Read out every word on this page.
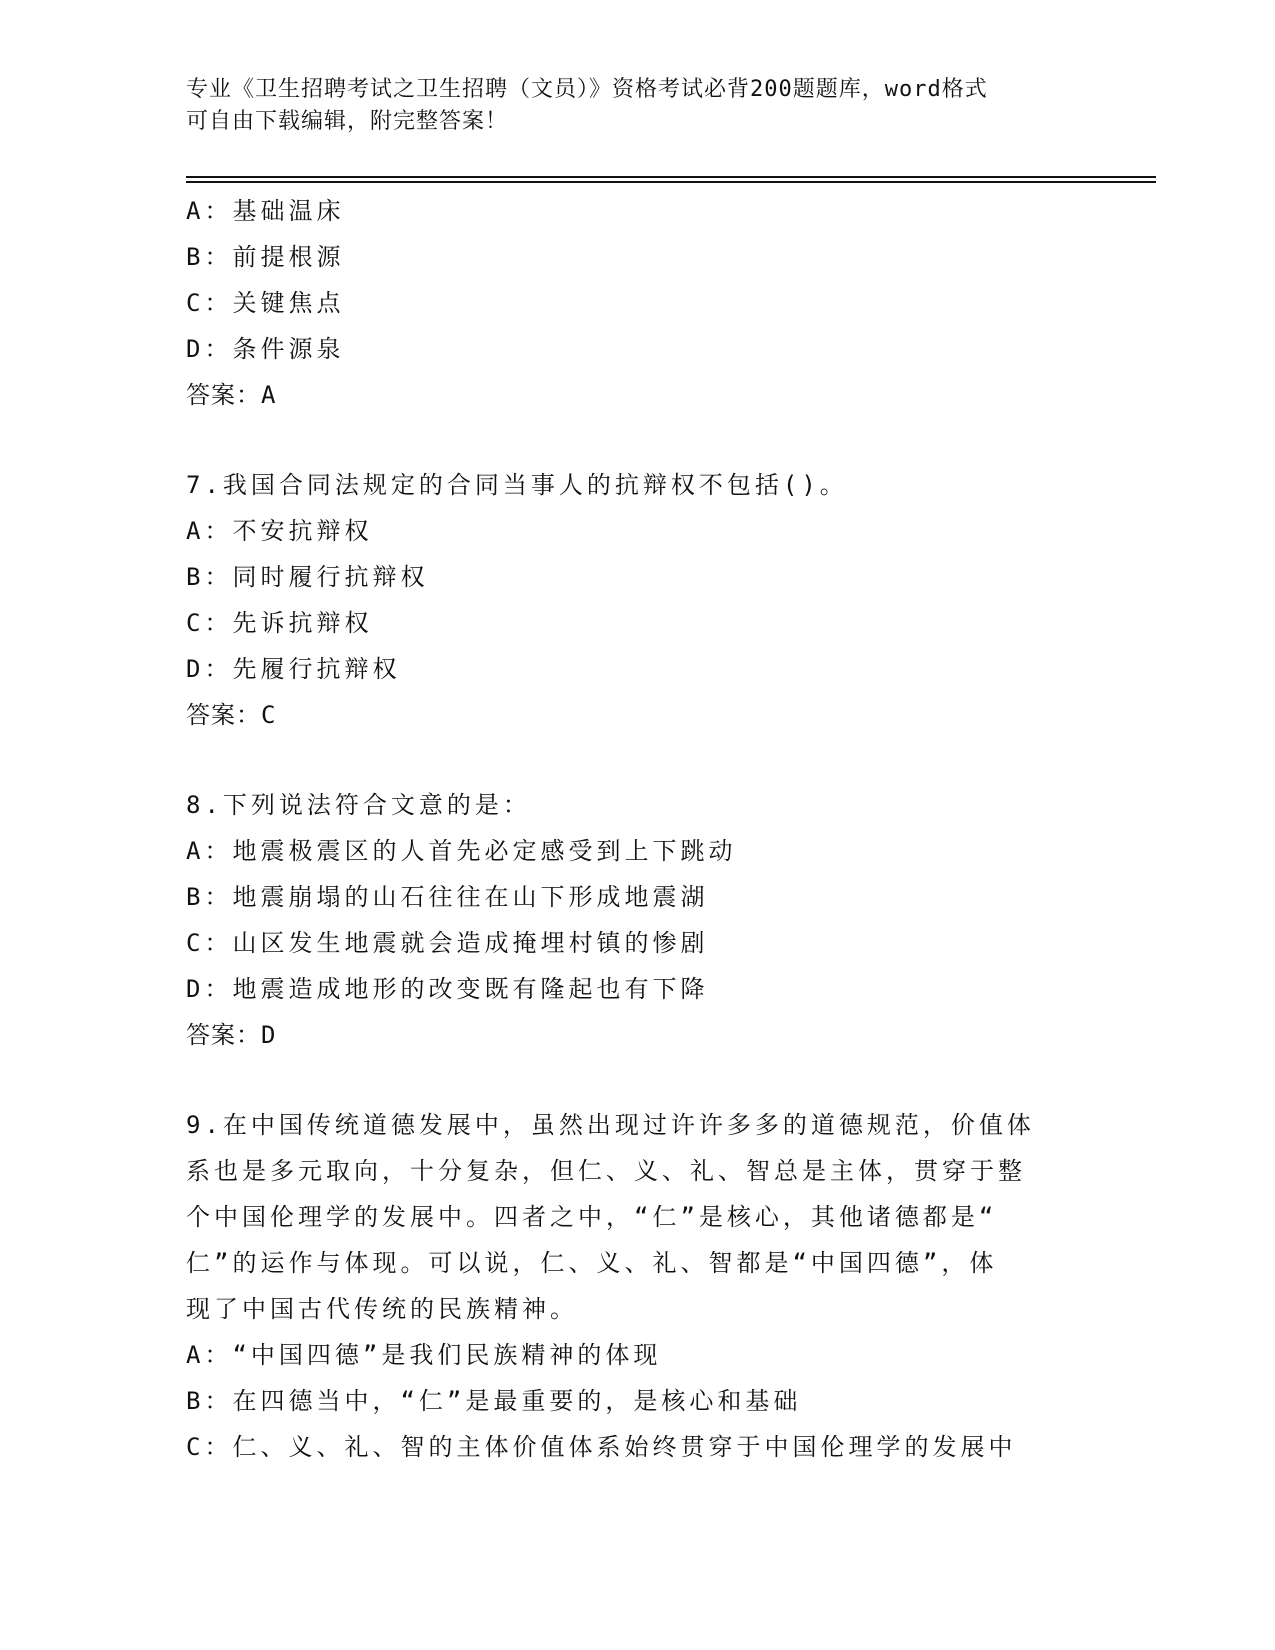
专业《卫生招聘考试之卫生招聘（文员）》资格考试必背200题题库，word格式
可自由下载编辑，附完整答案！
A：基础温床
B：前提根源
C：关键焦点
D：条件源泉
答案：A
7.我国合同法规定的合同当事人的抗辩权不包括()。
A：不安抗辩权
B：同时履行抗辩权
C：先诉抗辩权
D：先履行抗辩权
答案：C
8.下列说法符合文意的是：
A：地震极震区的人首先必定感受到上下跳动
B：地震崩塌的山石往往在山下形成地震湖
C：山区发生地震就会造成掩埋村镇的惨剧
D：地震造成地形的改变既有隆起也有下降
答案：D
9.在中国传统道德发展中，虽然出现过许许多多的道德规范，价值体
系也是多元取向，十分复杂，但仁、义、礼、智总是主体，贯穿于整
个中国伦理学的发展中。四者之中，“仁”是核心，其他诸德都是“
仁”的运作与体现。可以说，仁、义、礼、智都是“中国四德”，体
现了中国古代传统的民族精神。
A：“中国四德”是我们民族精神的体现
B：在四德当中，“仁”是最重要的，是核心和基础
C：仁、义、礼、智的主体价值体系始终贯穿于中国伦理学的发展中
